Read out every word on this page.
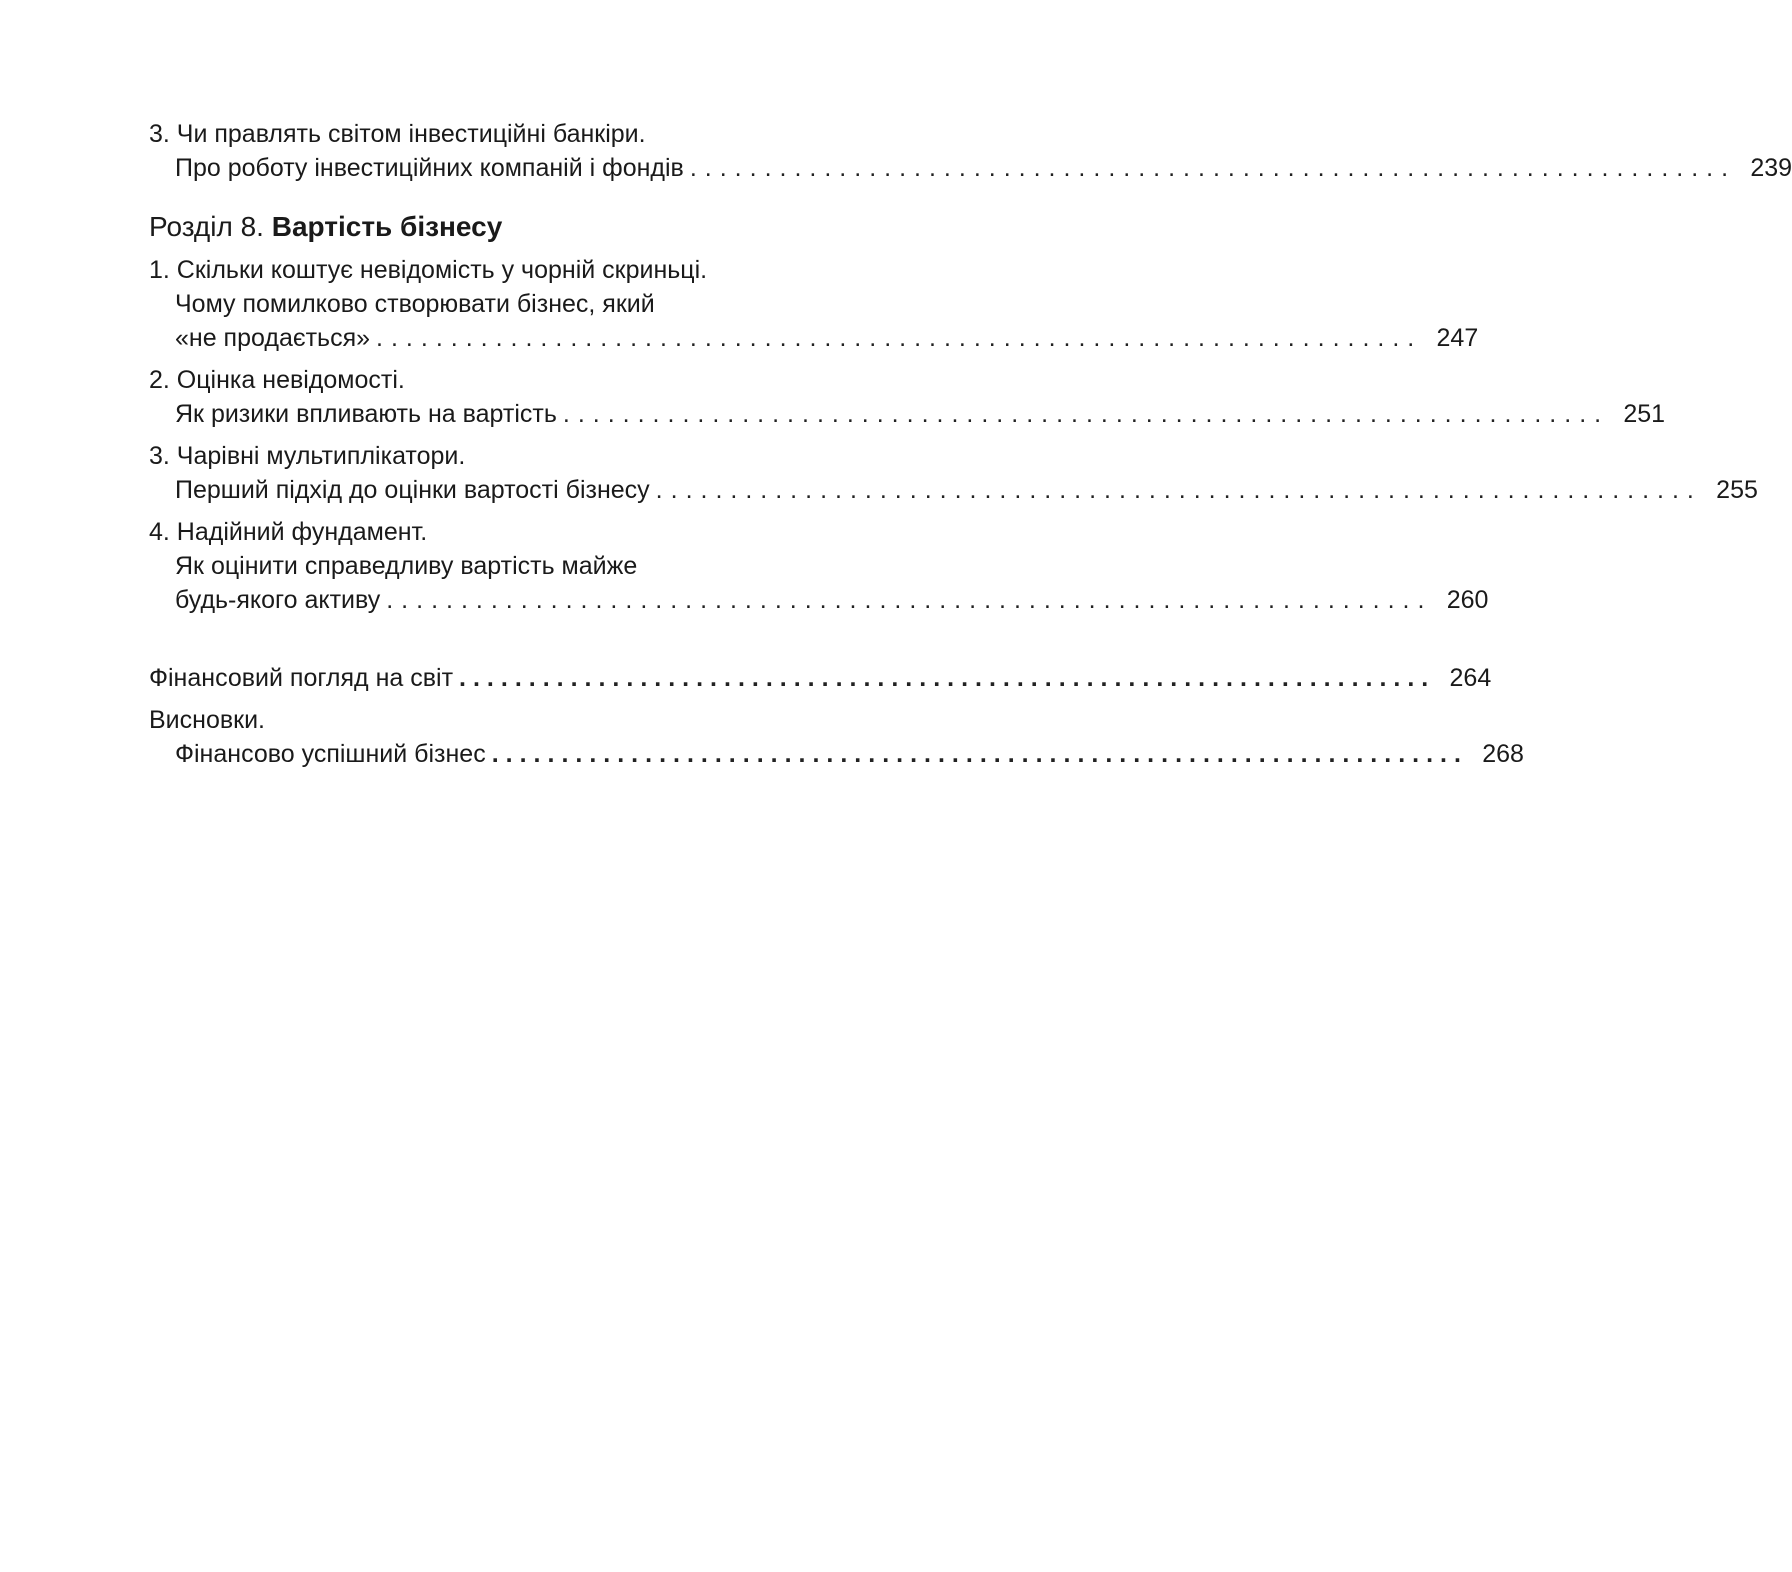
3. Чи правлять світом інвестиційні банкіри.
Про роботу інвестиційних компаній і фондів ...................................................................... 239
Розділ 8. Вартість бізнесу
1. Скільки коштує невідомість у чорній скриньці.
Чому помилково створювати бізнес, який
«не продається» ...................................................................... 247
2. Оцінка невідомості.
Як ризики впливають на вартість ...................................................................... 251
3. Чарівні мультиплікатори.
Перший підхід до оцінки вартості бізнесу ...................................................................... 255
4. Надійний фундамент.
Як оцінити справедливу вартість майже
будь-якого активу ...................................................................... 260
Фінансовий погляд на світ ...................................................................... 264
Висновки.
Фінансово успішний бізнес ...................................................................... 268
